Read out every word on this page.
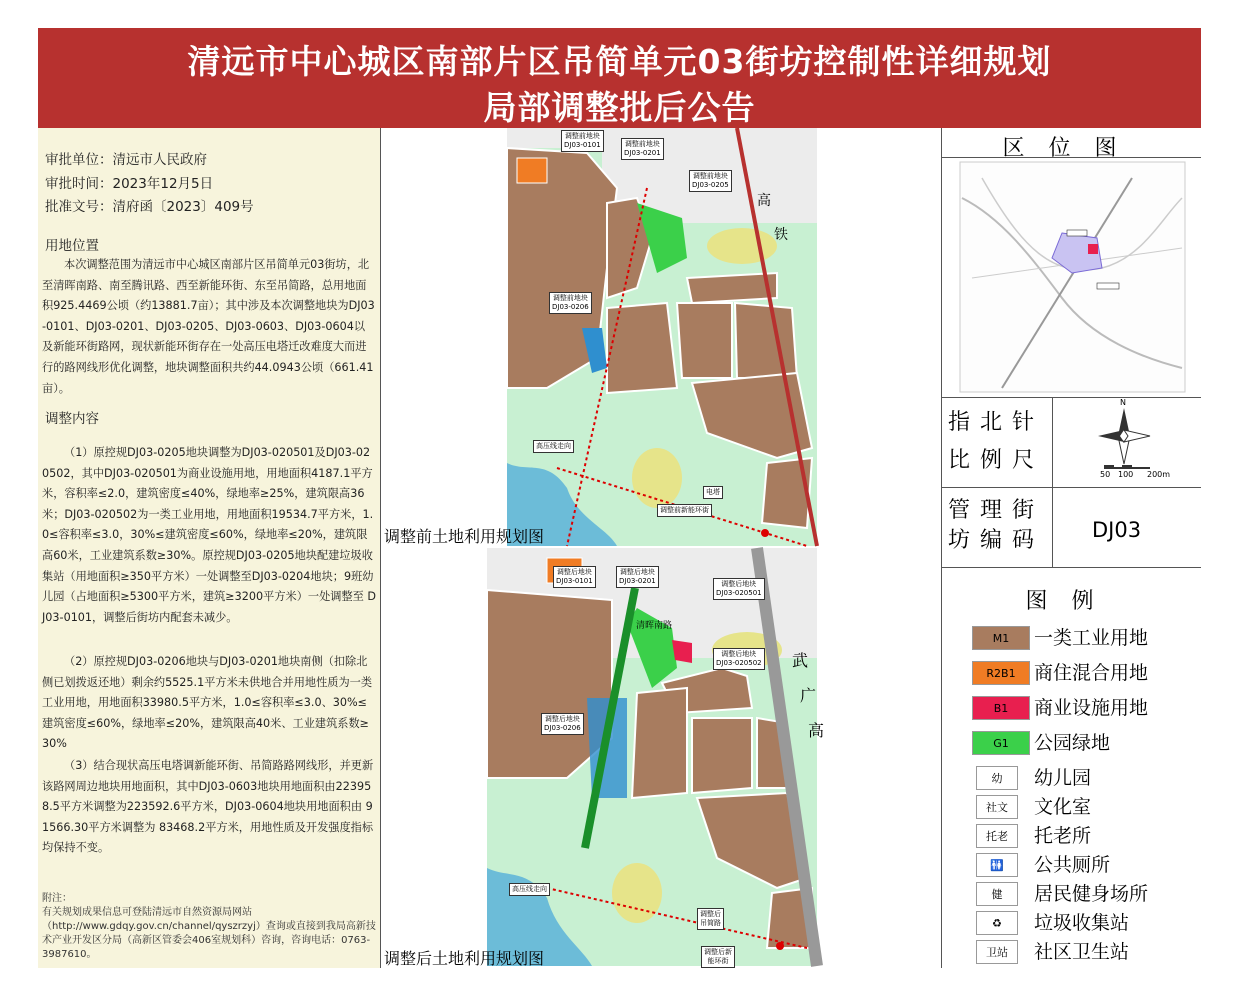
清远市中心城区南部片区吊简单元03街坊控制性详细规划
局部调整批后公告
审批单位：清远市人民政府
审批时间：2023年12月5日
批准文号：清府函〔2023〕409号
用地位置

本次调整范围为清远市中心城区南部片区吊简单元03街坊，北至清晖南路、南至腾讯路、西至新能环街、东至吊简路，总用地面积925.4469公顷（约13881.7亩）；其中涉及本次调整地块为DJ03-0101、DJ03-0201、DJ03-0205、DJ03-0603、DJ03-0604以及新能环街路网，现状新能环街存在一处高压电塔迁改难度大而进行的路网线形优化调整，地块调整面积共约44.0943公顷（661.41亩）。

调整内容

（1）原控规DJ03-0205地块调整为DJ03-020501及DJ03-020502，其中DJ03-020501为商业设施用地，用地面积4187.1平方米，容积率≤2.0，建筑密度≤40%，绿地率≥25%，建筑限高36米；DJ03-020502为一类工业用地，用地面积19534.7平方米，1.0≤容积率≤3.0，30%≤建筑密度≤60%，绿地率≤20%，建筑限高60米，工业建筑系数≥30%。原控规DJ03-0205地块配建垃圾收集站（用地面积≥350平方米）一处调整至DJ03-0204地块；9班幼儿园（占地面积≥5300平方米，建筑≥3200平方米）一处调整至 DJ03-0101，调整后街坊内配套未减少。

（2）原控规DJ03-0206地块与DJ03-0201地块南侧（扣除北侧已划拨返还地）剩余约5525.1平方米未供地合并用地性质为一类工业用地，用地面积33980.5平方米，1.0≤容积率≤3.0、30%≤建筑密度≤60%，绿地率≤20%，建筑限高40米、工业建筑系数≥30%

（3）结合现状高压电塔调新能环街、吊简路路网线形，并更新该路网周边地块用地面积，其中DJ03-0603地块用地面积由223958.5平方米调整为223592.6平方米，DJ03-0604地块用地面积由 91566.30平方米调整为 83468.2平方米，用地性质及开发强度指标均保持不变。

附注：
有关规划成果信息可登陆清远市自然资源局网站（http://www.gdqy.gov.cn/channel/qyszrzyj）查询或直接到我局高新技术产业开发区分局（高新区管委会406室规划科）咨询，咨询电话：0763-3987610。
高
铁
武
广
高
清晖南路
调整前地块
DJ03-0101	调整前地块
DJ03-0201
调整前地块
DJ03-0205
调整前地块
DJ03-0206
高压线走向
电塔
调整前新能环街
调整前土地利用规划图
调整后地块
DJ03-0101
调整后地块
DJ03-0201	调整后地块
DJ03-020501
调整后地块
DJ03-020502
调整后地块
DJ03-0206
高压线走向
调整后
吊简路
调整后新
能环街
调整后土地利用规划图
区位图
指北针
比例尺
N
50 100 200m
管理街
坊编码	DJ03
图例
M1	一类工业用地
R2B1 商住混合用地
B1	商业设施用地
G1	公园绿地
幼	幼儿园
社文	文化室
托老	托老所
🚻	公共厕所
健	居民健身场所
♻	垃圾收集站
卫站	社区卫生站
